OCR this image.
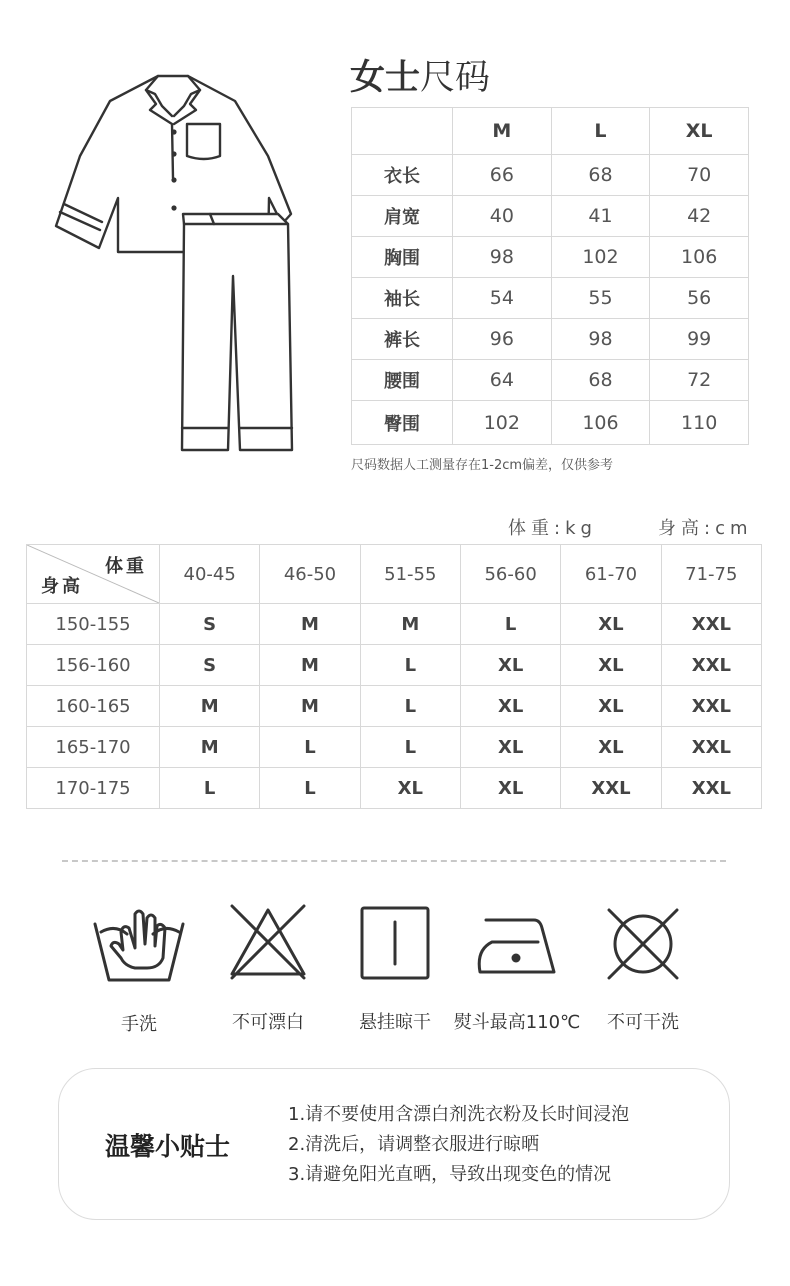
女士尺码
	M	L	XL
衣长	66	68	70
肩宽	40	41	42
胸围	98	102	106
袖长	54	55	56
裤长	96	98	99
腰围	64	68	72
臀围	102	106	110
尺码数据人工测量存在1-2cm偏差，仅供参考
体重:kg	身高:cm
体重
身高	40-45	46-50	51-55	56-60	61-70	71-75
150-155	S	M	M	L	XL	XXL
156-160	S	M	L	XL	XL	XXL
160-165	M	M	L	XL	XL	XXL
165-170	M	L	L	XL	XL	XXL
170-175	L	L	XL	XL	XXL	XXL
手洗	不可漂白	悬挂晾干	熨斗最高110℃	不可干洗
温馨小贴士
1.请不要使用含漂白剂洗衣粉及长时间浸泡
2.清洗后，请调整衣服进行晾晒
3.请避免阳光直晒，导致出现变色的情况
